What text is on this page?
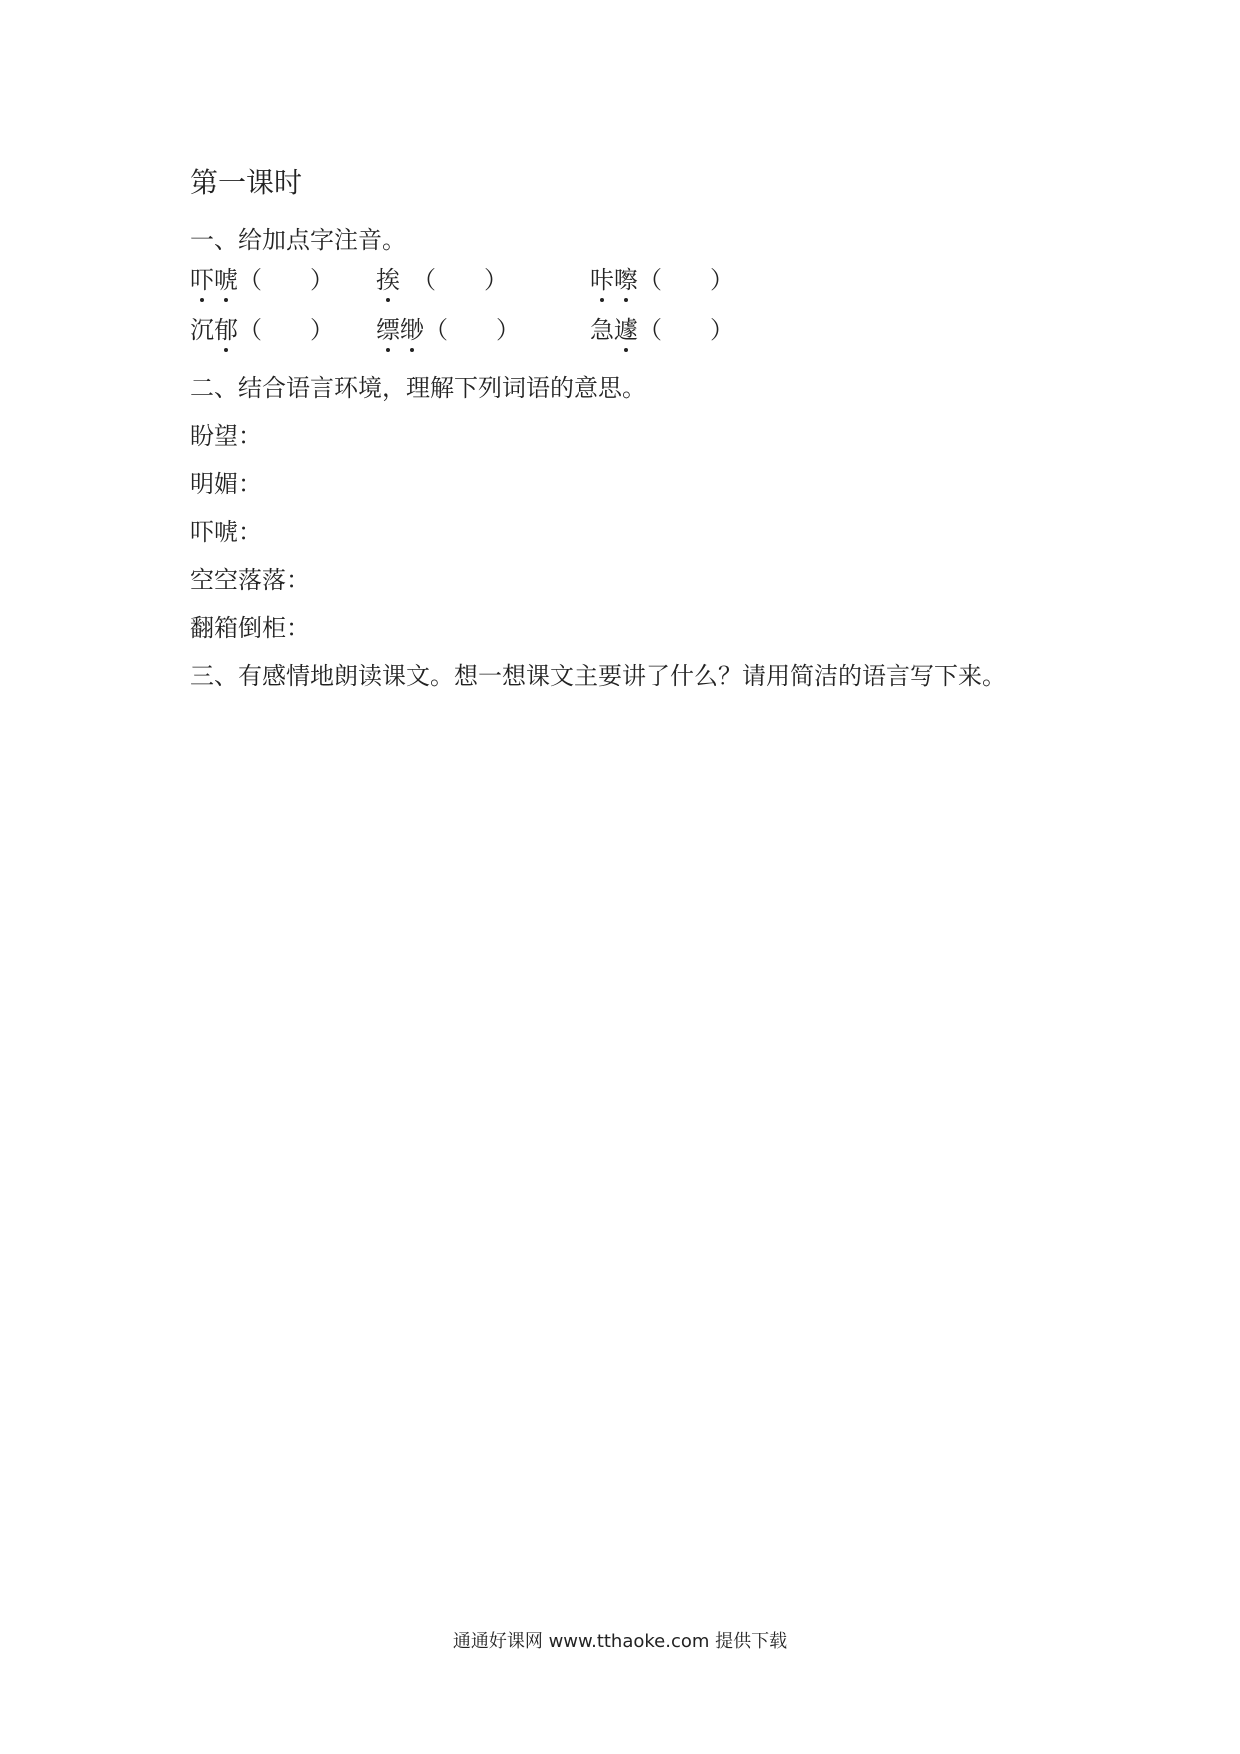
第一课时
一、给加点字注音。
吓
唬
（　　） 挨
　（　　）	咔
嚓
（　　）
沉郁
（　　） 缥
缈
（　　）	急遽
（　　）
二、结合语言环境，理解下列词语的意思。
盼望：
明媚：
吓唬：
空空落落：
翻箱倒柜：
三、有感情地朗读课文。想一想课文主要讲了什么？请用简洁的语言写下来。
通通好课网 www.tthaoke.com 提供下载
